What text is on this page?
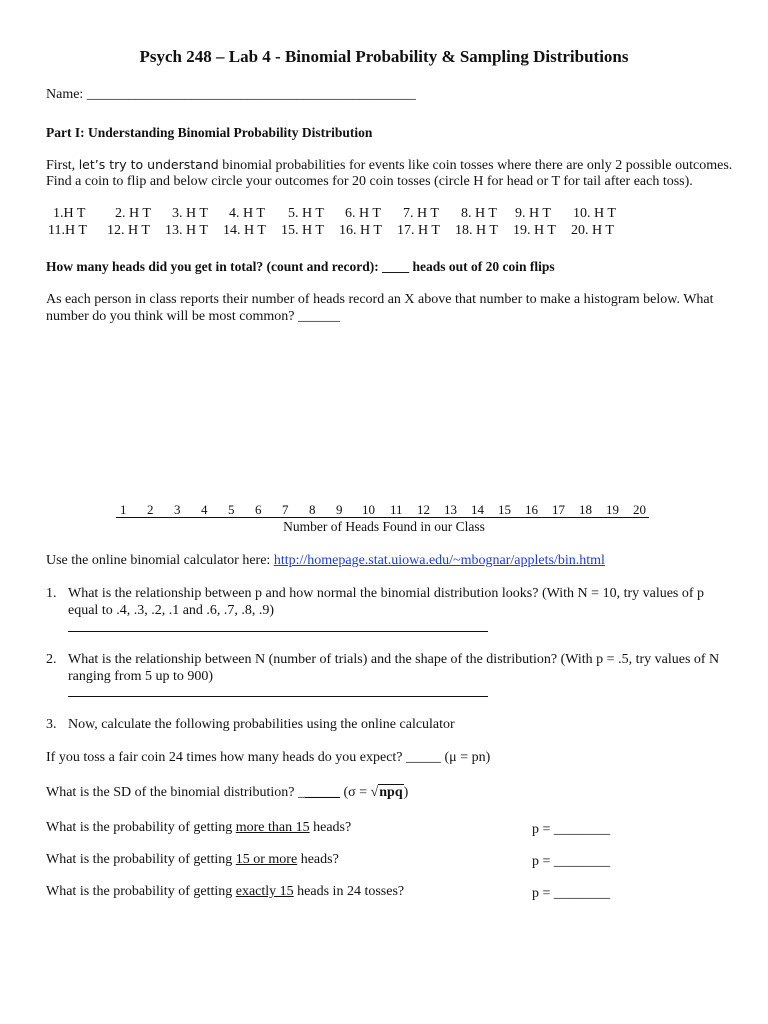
Psych 248 – Lab 4 - Binomial Probability & Sampling Distributions
Name: _______________________________________________
Part I: Understanding Binomial Probability Distribution
First, let’s try to understand binomial probabilities for events like coin tosses where there are only 2 possible outcomes.
Find a coin to flip and below circle your outcomes for 20 coin tosses (circle H for head or T for tail after each toss).
1.H T 2. H T 3. H T 4. H T 5. H T 6. H T 7. H T 8. H T 9. H T 10. H T
11.H T 12. H T 13. H T 14. H T 15. H T 16. H T 17. H T 18. H T 19. H T 20. H T
How many heads did you get in total? (count and record): ____ heads out of 20 coin flips
As each person in class reports their number of heads record an X above that number to make a histogram below. What
number do you think will be most common? ______
1 2 3 4 5 6 7 8 9 10 11 12 13 14 15 16 17 18 19 20
Number of Heads Found in our Class
Use the online binomial calculator here: http://homepage.stat.uiowa.edu/~mbognar/applets/bin.html
1. What is the relationship between p and how normal the binomial distribution looks? (With N = 10, try values of p
equal to .4, .3, .2, .1 and .6, .7, .8, .9)
2. What is the relationship between N (number of trials) and the shape of the distribution? (With p = .5, try values of N
ranging from 5 up to 900)
3. Now, calculate the following probabilities using the online calculator
If you toss a fair coin 24 times how many heads do you expect? _____ (μ = pn)
What is the SD of the binomial distribution? ______ (σ = √npq)
What is the probability of getting more than 15 heads?	p = ________
What is the probability of getting 15 or more heads?	p = ________
What is the probability of getting exactly 15 heads in 24 tosses?	p = ________
